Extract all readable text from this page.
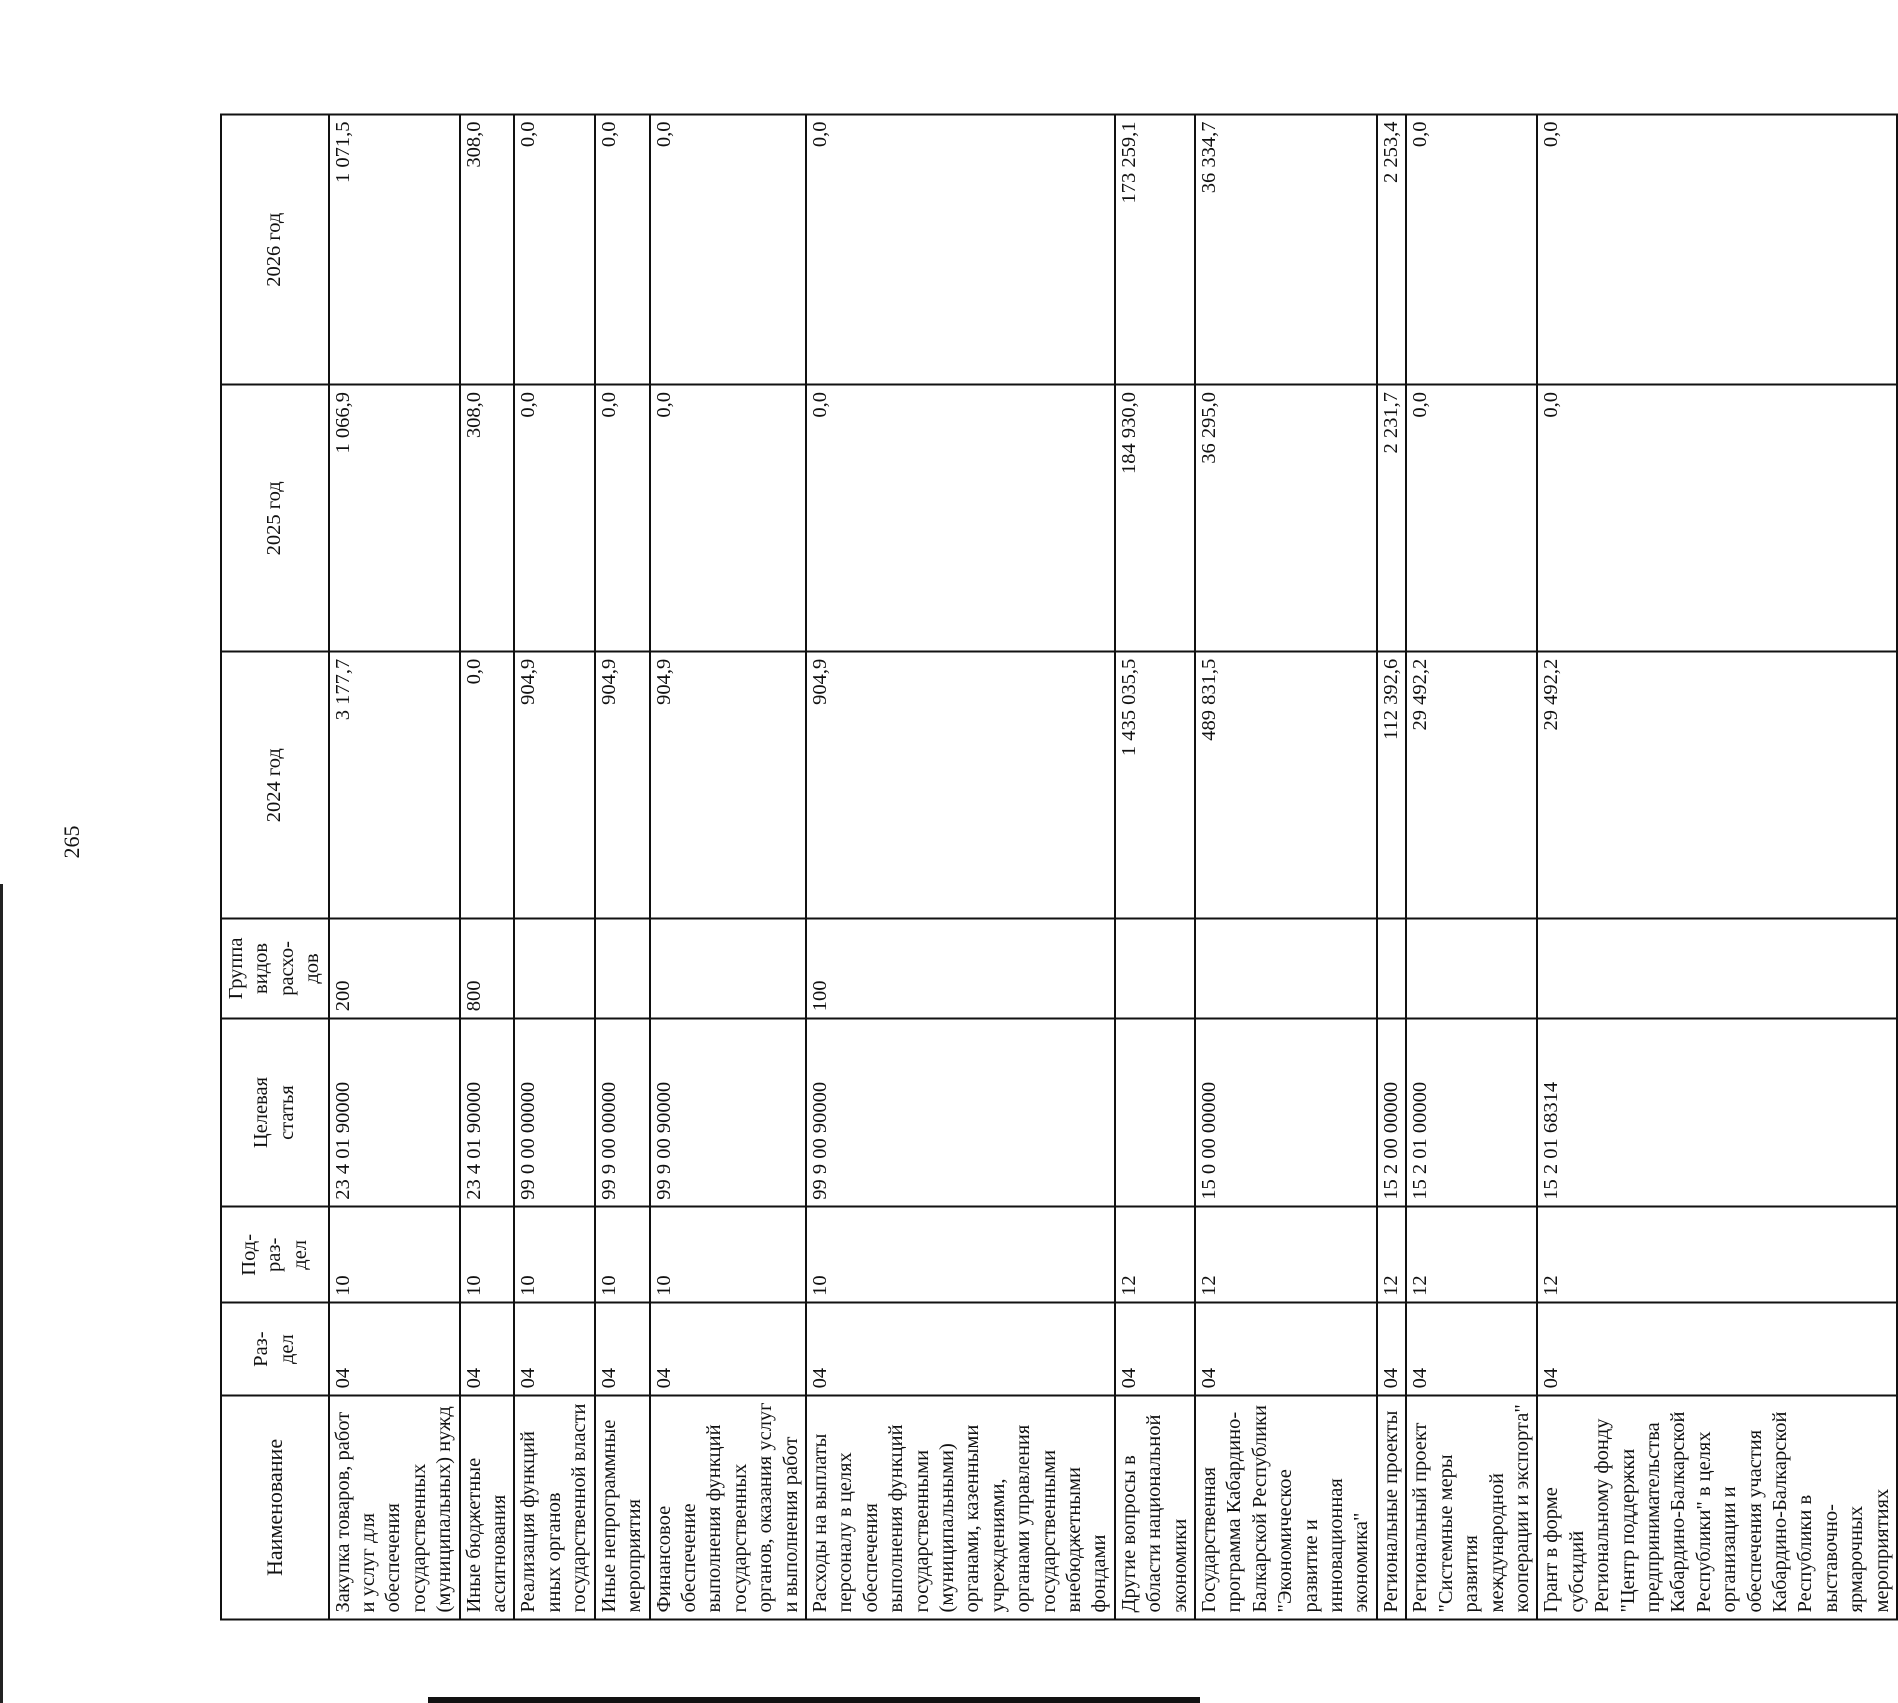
265
Наименование	Раз- дел	Под- раз- дел	Целевая статья	Группа видов расхо- дов	2024 год	2025 год	2026 год
Закупка товаров, работ и услуг для обеспечения государственных (муниципальных) нужд	04	10	23 4 01 90000	200	3 177,7	1 066,9	1 071,5
Иные бюджетные ассигнования	04	10	23 4 01 90000	800	0,0	308,0	308,0
Реализация функций иных органов государственной власти	04	10	99 0 00 00000		904,9	0,0	0,0
Иные непрограммные мероприятия	04	10	99 9 00 00000		904,9	0,0	0,0
Финансовое обеспечение выполнения функций государственных органов, оказания услуг и выполнения работ	04	10	99 9 00 90000		904,9	0,0	0,0
Расходы на выплаты персоналу в целях обеспечения выполнения функций государственными (муниципальными) органами, казенными учреждениями, органами управления государственными внебюджетными фондами	04	10	99 9 00 90000	100	904,9	0,0	0,0
Другие вопросы в области национальной экономики	04	12			1 435 035,5	184 930,0	173 259,1
Государственная программа Кабардино-Балкарской Республики "Экономическое развитие и инновационная экономика"	04	12	15 0 00 00000		489 831,5	36 295,0	36 334,7
Региональные проекты	04	12	15 2 00 00000		112 392,6	2 231,7	2 253,4
Региональный проект "Системные меры развития международной кооперации и экспорта"	04	12	15 2 01 00000		29 492,2	0,0	0,0
Грант в форме субсидий Региональному фонду "Центр поддержки предпринимательства Кабардино-Балкарской Республики" в целях организации и обеспечения участия Кабардино-Балкарской Республики в выставочно-ярмарочных мероприятиях	04	12	15 2 01 68314		29 492,2	0,0	0,0
